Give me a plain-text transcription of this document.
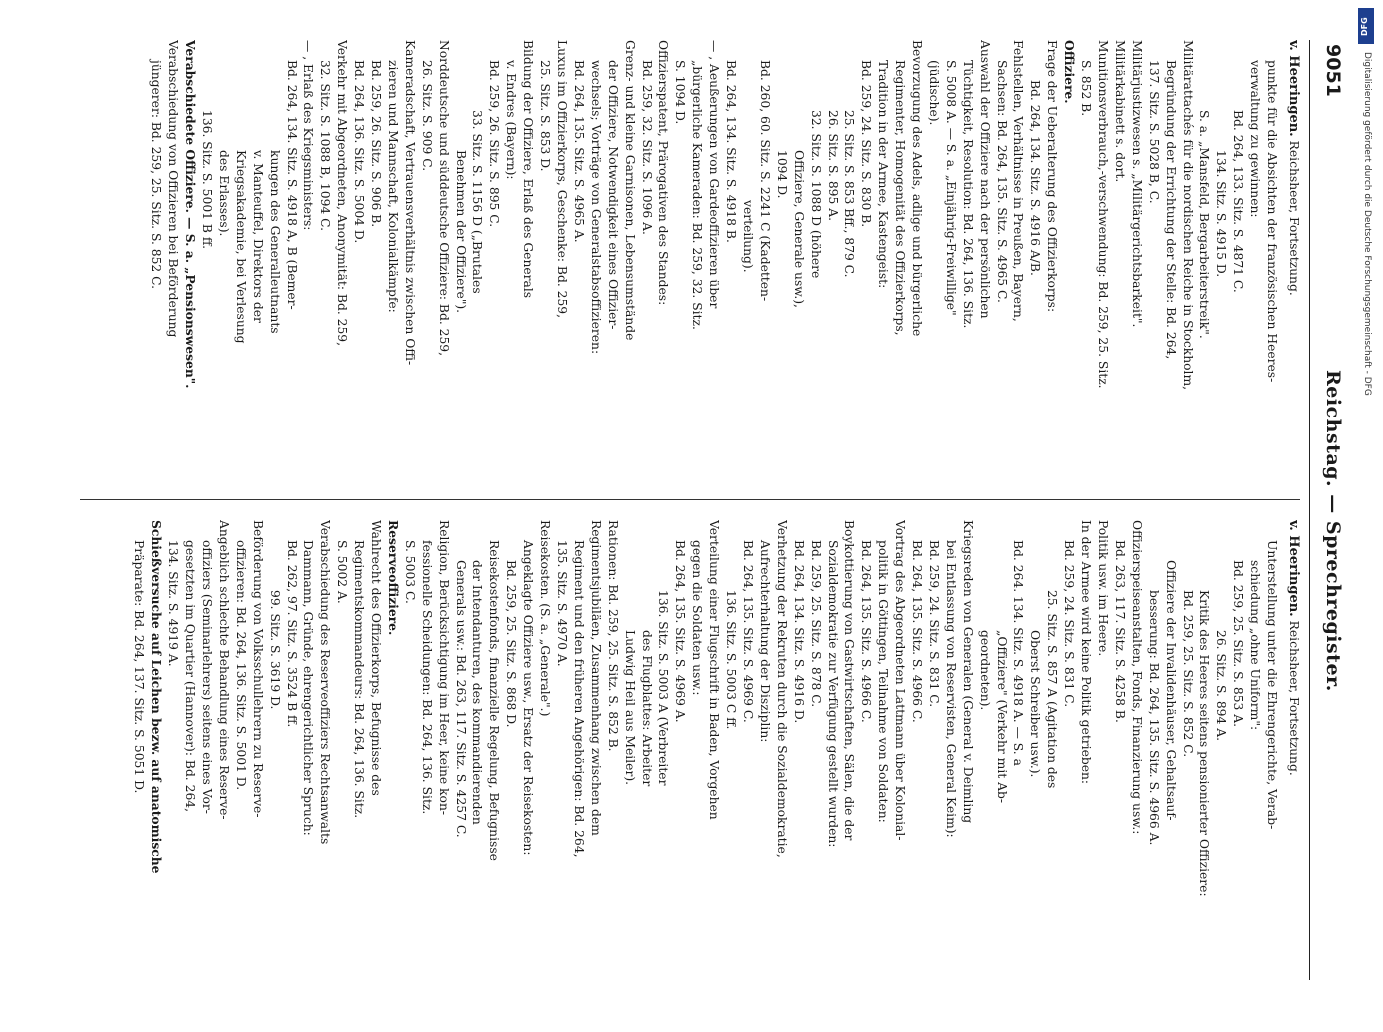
9051
Reichstag. — Sprechregister.
v. Heeringen. Reichsheer, Fortsetzung.
Unterstellung unter die Ehrengerichte, Verab-
schiedung „ohne Uniform":
Bd. 259, 25. Sitz. S. 853 A.
26. Sitz. S. 894 A.
Kritik des Heeres seitens pensionierter Offiziere:
Bd. 259, 25. Sitz. S. 852 C.
Offiziere der Invalidenhäuser, Gehaltsauf-
besserung: Bd. 264, 135. Sitz. S. 4966 A.
Offizierspeiseanstalten, Fonds, Finanzierung usw.:
Bd. 263, 117. Sitz. S. 4258 B.
Politik usw. im Heere.
In der Armee wird keine Politik getrieben:
Bd. 259, 24. Sitz. S. 831 C.
25. Sitz. S. 857 A (Agitation des
Oberst Schreiber usw.).
Bd. 264. 134. Sitz. S. 4918 A. — S. a
„Offiziere" (Verkehr mit Ab-
geordneten).
Kriegsreden von Generalen (General v. Deimling
bei Entlassung von Reservisten, General Keim):
Bd. 259, 24. Sitz. S. 831 C.
Bd. 264, 135. Sitz. S. 4966 C.
Vortrag des Abgeordneten Lattmann über Kolonial-
politik in Göttingen, Teilnahme von Soldaten:
Bd. 264, 135. Sitz. S. 4966 C.
Boykottierung von Gastwirtschaften, Sälen, die der
Sozialdemokratie zur Verfügung gestellt wurden:
Bd. 259, 25. Sitz. S. 878 C.
Bd. 264, 134. Sitz. S. 4916 D.
Verhetzung der Rekruten durch die Sozialdemokratie,
Aufrechterhaltung der Disziplin:
Bd. 264, 135. Sitz. S. 4969 C.
136. Sitz. S. 5003 C ff.
Verteilung einer Flugschrift in Baden, Vorgehen
gegen die Soldaten usw.:
Bd. 264, 135. Sitz. S. 4969 A.
136. Sitz. S. 5003 A (Verbreiter
des Flugblattes: Arbeiter
Ludwig Heil aus Meiler).
Rationen: Bd. 259, 25. Sitz. S. 852 B.
Regimentsjubiläen, Zusammenhang zwischen dem
Regiment und den früheren Angehörigen: Bd. 264,
135. Sitz. S. 4970 A.
Reisekosten. (S. a. „Generale".)
Angeklagte Offiziere usw., Ersatz der Reisekosten:
Bd. 259, 25. Sitz. S. 868 D.
Reisekostenfonds, finanzielle Regelung, Befugnisse
der Intendanturen, des kommandierenden
Generals usw.: Bd. 263, 117. Sitz. S. 4257 C.
Religion, Berücksichtigung im Heer, keine kon-
fessionelle Scheidungen: Bd. 264, 136. Sitz.
S. 5003 C.
Reserveoffiziere.
Wahlrecht des Offizierkorps, Befugnisse des
Regimentskommandeurs: Bd. 264, 136. Sitz.
S. 5002 A.
Verabschiedung des Reserveoffiziers Rechtsanwalts
Dammann, Gründe, ehrengerichtlicher Spruch:
Bd. 262, 97. Sitz. S. 3524 B ff.
99. Sitz. S. 3619 D.
Beförderung von Volksschullehrern zu Reserve-
offizieren: Bd. 264, 136. Sitz. S. 5001 D.
Angeblich schlechte Behandlung eines Reserve-
offiziers (Seminarlehrers) seitens eines Vor-
gesetzten im Quartier (Hannover): Bd. 264,
134. Sitz. S. 4919 A.
Schießversuche auf Leichen bezw. auf anatomische
Präparate: Bd. 264, 137. Sitz. S. 5051 D.
v. Heeringen. Reichsheer, Fortsetzung.
punkte für die Absichten der französischen Heeres-
verwaltung zu gewinnen:
Bd. 264, 133. Sitz. S. 4871 C.
134. Sitz. S. 4915 D.
S. a. „Mansfeld, Bergarbeiterstreik".
Militärattachés für die nordischen Reiche in Stockholm,
Begründung der Errichtung der Stelle: Bd. 264,
137. Sitz. S. 5028 B, C.
Militärjustizwesen s. „Militärgerichtsbarkeit".
Militärkabinett s. dort.
Munitionsverbrauch,-verschwendung: Bd. 259, 25. Sitz.
S. 852 B.
Offiziere.
Frage der Ueberalterung des Offizierkorps:
Bd. 264, 134. Sitz. S. 4916 A/B.
Fehlstellen, Verhältnisse in Preußen, Bayern,
Sachsen: Bd. 264, 135. Sitz. S. 4965 C.
Auswahl der Offiziere nach der persönlichen
Tüchtigkeit, Resolution: Bd. 264, 136. Sitz.
S. 5008 A. — S. a. „Einjährig-Freiwillige"
(jüdische).
Bevorzugung des Adels, adlige und bürgerliche
Regimenter, Homogenität des Offizierkorps,
Tradition in der Armee, Kastengeist:
Bd. 259, 24. Sitz. S. 830 B.
25. Sitz. S. 853 Bff., 879 C.
26. Sitz. S. 895 A.
32. Sitz. S. 1088 D (höhere
Offiziere, Generale usw.),
1094 D.
Bd. 260, 60. Sitz. S. 2241 C (Kadetten-
verteilung).
Bd. 264, 134. Sitz. S. 4918 B.
— , Aeußerungen von Gardeoffizieren über
„bürgerliche Kameraden: Bd. 259, 32. Sitz.
S. 1094 D.
Offizierspatent, Prärogativen des Standes:
Bd. 259, 32. Sitz. S. 1096 A.
Grenz- und kleine Garnisonen, Lebensumstände
der Offiziere, Notwendigkeit eines Offizier-
wechsels; Vorträge von Generalstabsoffizieren:
Bd. 264, 135. Sitz. S. 4965 A.
Luxus im Offizierkorps, Geschenke: Bd. 259,
25. Sitz. S. 853 D.
Bildung der Offiziere, Erlaß des Generals
v. Endres (Bayern):
Bd. 259, 26. Sitz. S. 895 C.
33. Sitz. S. 1156 D („Brutales
Benehmen der Offiziere").
Norddeutsche und süddeutsche Offiziere: Bd. 259,
26. Sitz. S. 909 C.
Kameradschaft, Vertrauensverhältnis zwischen Offi-
zieren und Mannschaft, Kolonialkämpfe:
Bd. 259, 26. Sitz. S. 906 B.
Bd. 264, 136. Sitz. S. 5004 D.
Verkehr mit Abgeordneten, Anonymität: Bd. 259,
32. Sitz. S. 1088 B, 1094 C.
— , Erlaß des Kriegsministers:
Bd. 264, 134. Sitz. S. 4918 A, B (Bemer-
kungen des Generalleutnants
v. Manteuffel, Direktors der
Kriegsakademie, bei Verlesung
des Erlasses).
136. Sitz. S. 5001 B ff.
Verabschiedete Offiziere. — S. a. „Pensionswesen".
Verabschiedung von Offizieren bei Beförderung
jüngerer: Bd. 259, 25. Sitz. S. 852 C.
DFG
Digitalisierung gefördert durch die Deutsche Forschungsgemeinschaft - DFG
